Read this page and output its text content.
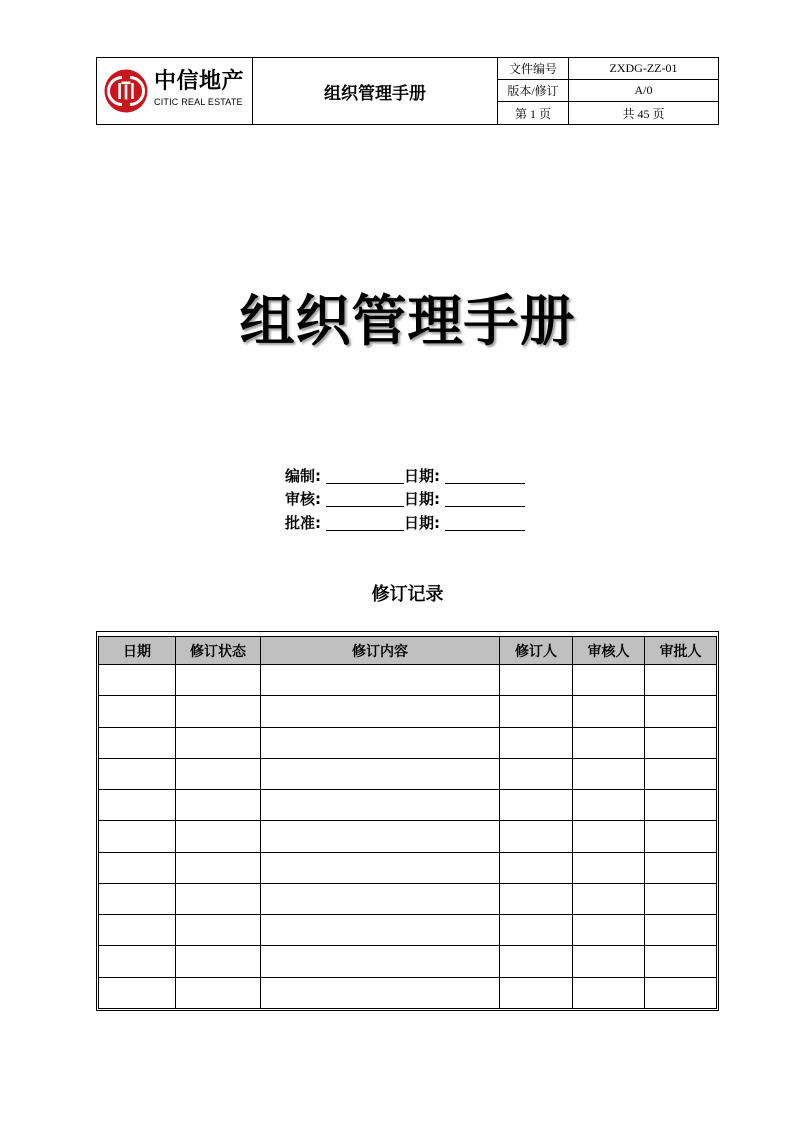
中信地产
CITIC REAL ESTATE	组织管理手册
文件编号	ZXDG-ZZ-01
版本/修订	A/0
第 1 页	共 45 页
组织管理手册
编制:	日期:
审核:	日期:
批准:	日期:
修订记录
日期	修订状态	修订内容	修订人	审核人	审批人
